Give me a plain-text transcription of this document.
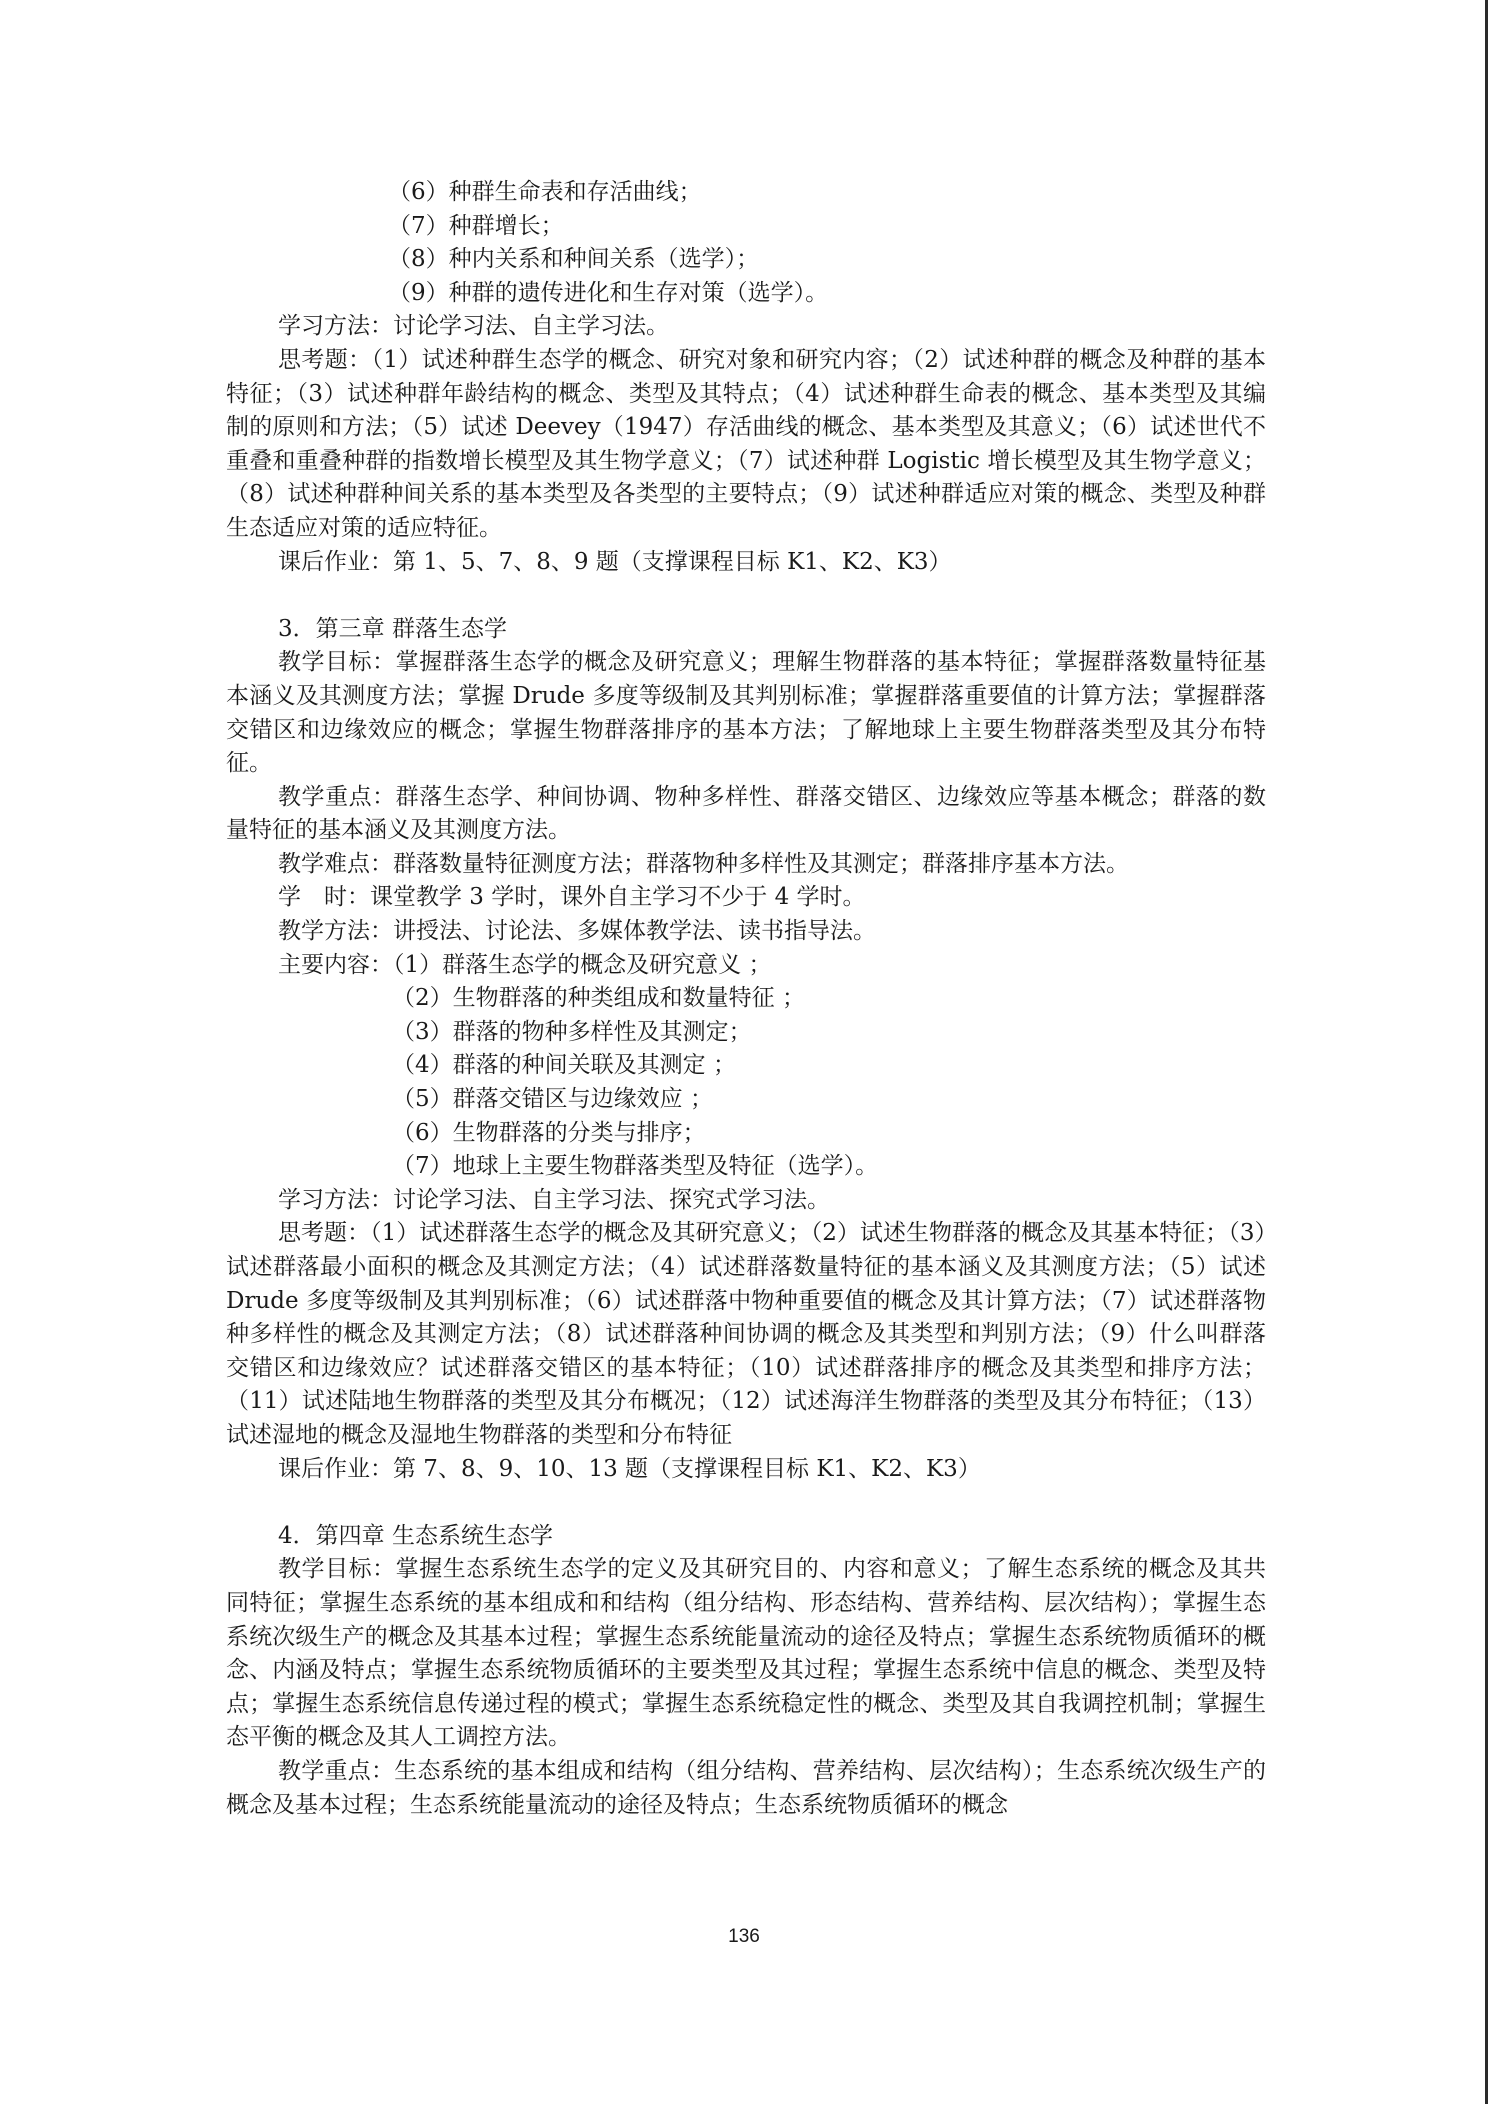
（6）种群生命表和存活曲线；
（7）种群增长；
（8）种内关系和种间关系（选学）；
（9）种群的遗传进化和生存对策（选学）。
学习方法：讨论学习法、自主学习法。

思考题：（1）试述种群生态学的概念、研究对象和研究内容；（2）试述种群的概念及种群的基本特征；（3）试述种群年龄结构的概念、类型及其特点；（4）试述种群生命表的概念、基本类型及其编制的原则和方法；（5）试述 Deevey（1947）存活曲线的概念、基本类型及其意义；（6）试述世代不重叠和重叠种群的指数增长模型及其生物学意义；（7）试述种群 Logistic 增长模型及其生物学意义；（8）试述种群种间关系的基本类型及各类型的主要特点；（9）试述种群适应对策的概念、类型及种群生态适应对策的适应特征。

课后作业：第 1、5、7、8、9 题（支撑课程目标 K1、K2、K3）
3．第三章 群落生态学

教学目标：掌握群落生态学的概念及研究意义；理解生物群落的基本特征；掌握群落数量特征基本涵义及其测度方法；掌握 Drude 多度等级制及其判别标准；掌握群落重要值的计算方法；掌握群落交错区和边缘效应的概念；掌握生物群落排序的基本方法；了解地球上主要生物群落类型及其分布特征。

教学重点：群落生态学、种间协调、物种多样性、群落交错区、边缘效应等基本概念；群落的数量特征的基本涵义及其测度方法。

教学难点：群落数量特征测度方法；群落物种多样性及其测定；群落排序基本方法。
学　时：课堂教学 3 学时，课外自主学习不少于 4 学时。
教学方法：讲授法、讨论法、多媒体教学法、读书指导法。
主要内容：（1）群落生态学的概念及研究意义 ；
（2）生物群落的种类组成和数量特征 ；
（3）群落的物种多样性及其测定；
（4）群落的种间关联及其测定 ；
（5）群落交错区与边缘效应 ；
（6）生物群落的分类与排序；
（7）地球上主要生物群落类型及特征（选学）。
学习方法：讨论学习法、自主学习法、探究式学习法。

思考题：（1）试述群落生态学的概念及其研究意义；（2）试述生物群落的概念及其基本特征；（3）试述群落最小面积的概念及其测定方法；（4）试述群落数量特征的基本涵义及其测度方法；（5）试述 Drude 多度等级制及其判别标准；（6）试述群落中物种重要值的概念及其计算方法；（7）试述群落物种多样性的概念及其测定方法；（8）试述群落种间协调的概念及其类型和判别方法；（9）什么叫群落交错区和边缘效应？试述群落交错区的基本特征；（10）试述群落排序的概念及其类型和排序方法；（11）试述陆地生物群落的类型及其分布概况；（12）试述海洋生物群落的类型及其分布特征；（13）试述湿地的概念及湿地生物群落的类型和分布特征

课后作业：第 7、8、9、10、13 题（支撑课程目标 K1、K2、K3）
4．第四章 生态系统生态学

教学目标：掌握生态系统生态学的定义及其研究目的、内容和意义；了解生态系统的概念及其共同特征；掌握生态系统的基本组成和和结构（组分结构、形态结构、营养结构、层次结构）；掌握生态系统次级生产的概念及其基本过程；掌握生态系统能量流动的途径及特点；掌握生态系统物质循环的概念、内涵及特点；掌握生态系统物质循环的主要类型及其过程；掌握生态系统中信息的概念、类型及特点；掌握生态系统信息传递过程的模式；掌握生态系统稳定性的概念、类型及其自我调控机制；掌握生态平衡的概念及其人工调控方法。

教学重点：生态系统的基本组成和结构（组分结构、营养结构、层次结构）；生态系统次级生产的概念及基本过程；生态系统能量流动的途径及特点；生态系统物质循环的概念

136
